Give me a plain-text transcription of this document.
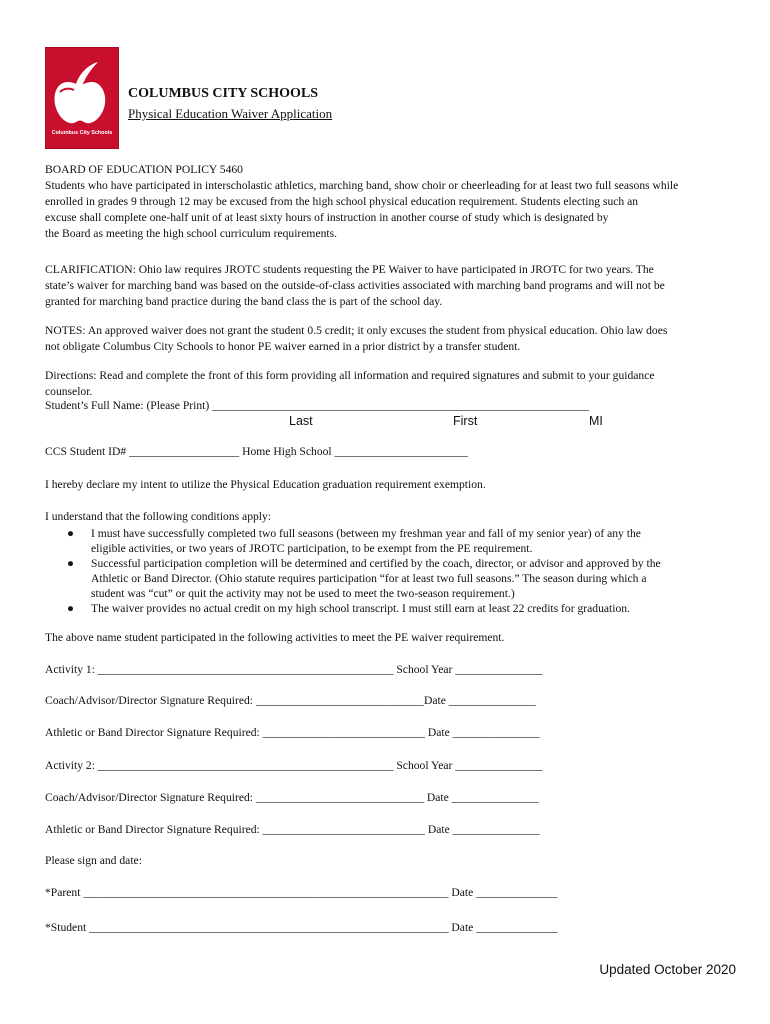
Columbus City Schools
COLUMBUS CITY SCHOOLS
Physical Education Waiver Application
BOARD OF EDUCATION POLICY 5460
Students who have participated in interscholastic athletics, marching band, show choir or cheerleading for at least two full seasons while
enrolled in grades 9 through 12 may be excused from the high school physical education requirement. Students electing such an
excuse shall complete one-half unit of at least sixty hours of instruction in another course of study which is designated by
the Board as meeting the high school curriculum requirements.
CLARIFICATION: Ohio law requires JROTC students requesting the PE Waiver to have participated in JROTC for two years. The
state’s waiver for marching band was based on the outside-of-class activities associated with marching band programs and will not be
granted for marching band practice during the band class the is part of the school day.
NOTES: An approved waiver does not grant the student 0.5 credit; it only excuses the student from physical education. Ohio law does
not obligate Columbus City Schools to honor PE waiver earned in a prior district by a transfer student.
Directions: Read and complete the front of this form providing all information and required signatures and submit to your guidance
counselor.
Student’s Full Name: (Please Print) _________________________________________________________________
Last	First	MI
CCS Student ID# ___________________ Home High School _______________________
I hereby declare my intent to utilize the Physical Education graduation requirement exemption.
I understand that the following conditions apply:
● I must have successfully completed two full seasons (between my freshman year and fall of my senior year) of any the
eligible activities, or two years of JROTC participation, to be exempt from the PE requirement.
● Successful participation completion will be determined and certified by the coach, director, or advisor and approved by the
Athletic or Band Director. (Ohio statute requires participation “for at least two full seasons.” The season during which a
student was “cut” or quit the activity may not be used to meet the two-season requirement.)
● The waiver provides no actual credit on my high school transcript. I must still earn at least 22 credits for graduation.
The above name student participated in the following activities to meet the PE waiver requirement.
Activity 1: ___________________________________________________ School Year _______________
Coach/Advisor/Director Signature Required: _____________________________Date _______________
Athletic or Band Director Signature Required: ____________________________ Date _______________
Activity 2: ___________________________________________________ School Year _______________
Coach/Advisor/Director Signature Required: _____________________________ Date _______________
Athletic or Band Director Signature Required: ____________________________ Date _______________
Please sign and date:
*Parent _______________________________________________________________ Date ______________
*Student ______________________________________________________________ Date ______________
Updated October 2020
